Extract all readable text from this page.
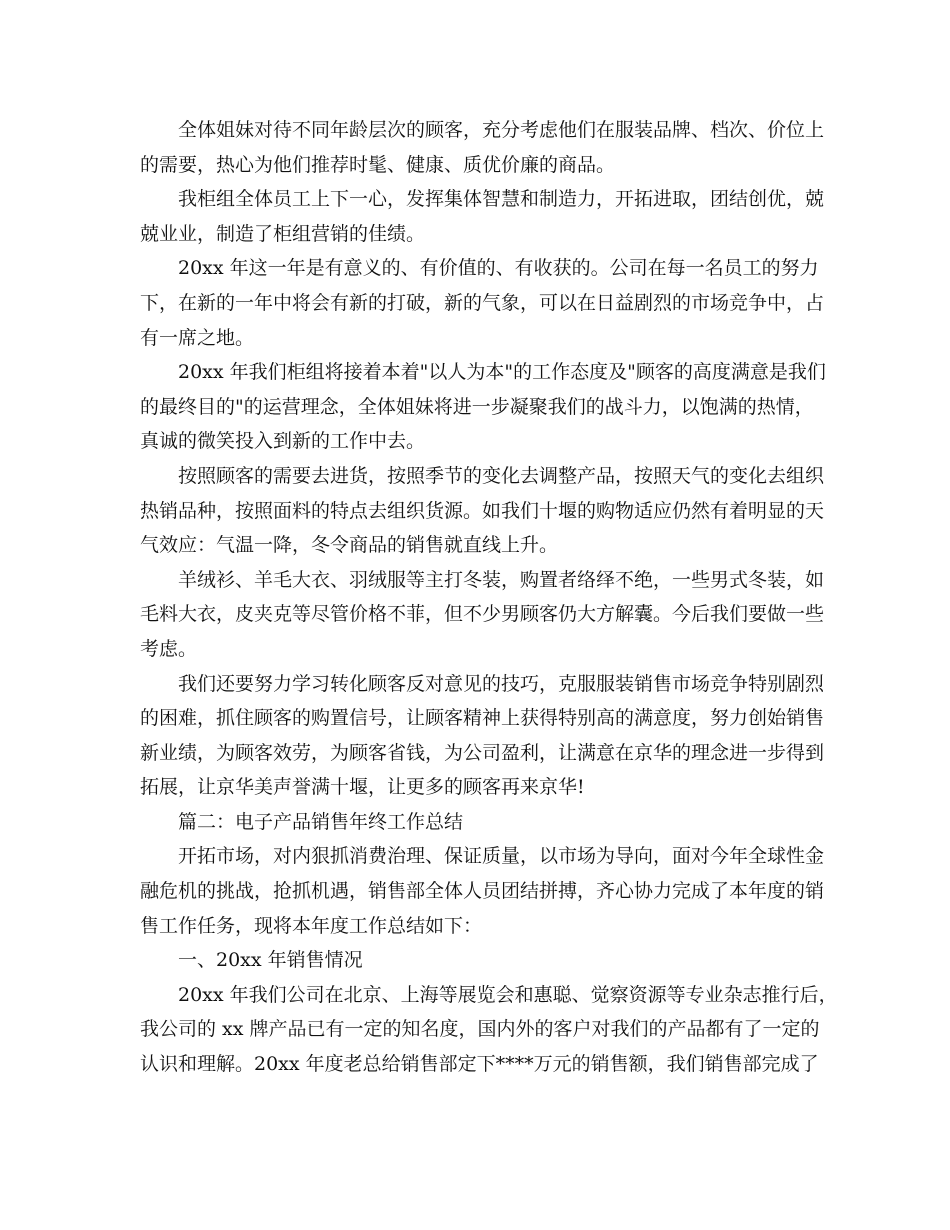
全体姐妹对待不同年龄层次的顾客，充分考虑他们在服装品牌、档次、价位上
的需要，热心为他们推荐时髦、健康、质优价廉的商品。
我柜组全体员工上下一心，发挥集体智慧和制造力，开拓进取，团结创优，兢
兢业业，制造了柜组营销的佳绩。
20xx 年这一年是有意义的、有价值的、有收获的。公司在每一名员工的努力
下，在新的一年中将会有新的打破，新的气象，可以在日益剧烈的市场竞争中，占
有一席之地。
20xx 年我们柜组将接着本着"以人为本"的工作态度及"顾客的高度满意是我们
的最终目的"的运营理念，全体姐妹将进一步凝聚我们的战斗力，以饱满的热情，
真诚的微笑投入到新的工作中去。
按照顾客的需要去进货，按照季节的变化去调整产品，按照天气的变化去组织
热销品种，按照面料的特点去组织货源。如我们十堰的购物适应仍然有着明显的天
气效应：气温一降，冬令商品的销售就直线上升。
羊绒衫、羊毛大衣、羽绒服等主打冬装，购置者络绎不绝，一些男式冬装，如
毛料大衣，皮夹克等尽管价格不菲，但不少男顾客仍大方解囊。今后我们要做一些
考虑。
我们还要努力学习转化顾客反对意见的技巧，克服服装销售市场竞争特别剧烈
的困难，抓住顾客的购置信号，让顾客精神上获得特别高的满意度，努力创始销售
新业绩，为顾客效劳，为顾客省钱，为公司盈利，让满意在京华的理念进一步得到
拓展，让京华美声誉满十堰，让更多的顾客再来京华!
篇二：电子产品销售年终工作总结
开拓市场，对内狠抓消费治理、保证质量，以市场为导向，面对今年全球性金
融危机的挑战，抢抓机遇，销售部全体人员团结拼搏，齐心协力完成了本年度的销
售工作任务，现将本年度工作总结如下：
一、20xx 年销售情况
20xx 年我们公司在北京、上海等展览会和惠聪、觉察资源等专业杂志推行后，
我公司的 xx 牌产品已有一定的知名度，国内外的客户对我们的产品都有了一定的
认识和理解。20xx 年度老总给销售部定下****万元的销售额，我们销售部完成了
